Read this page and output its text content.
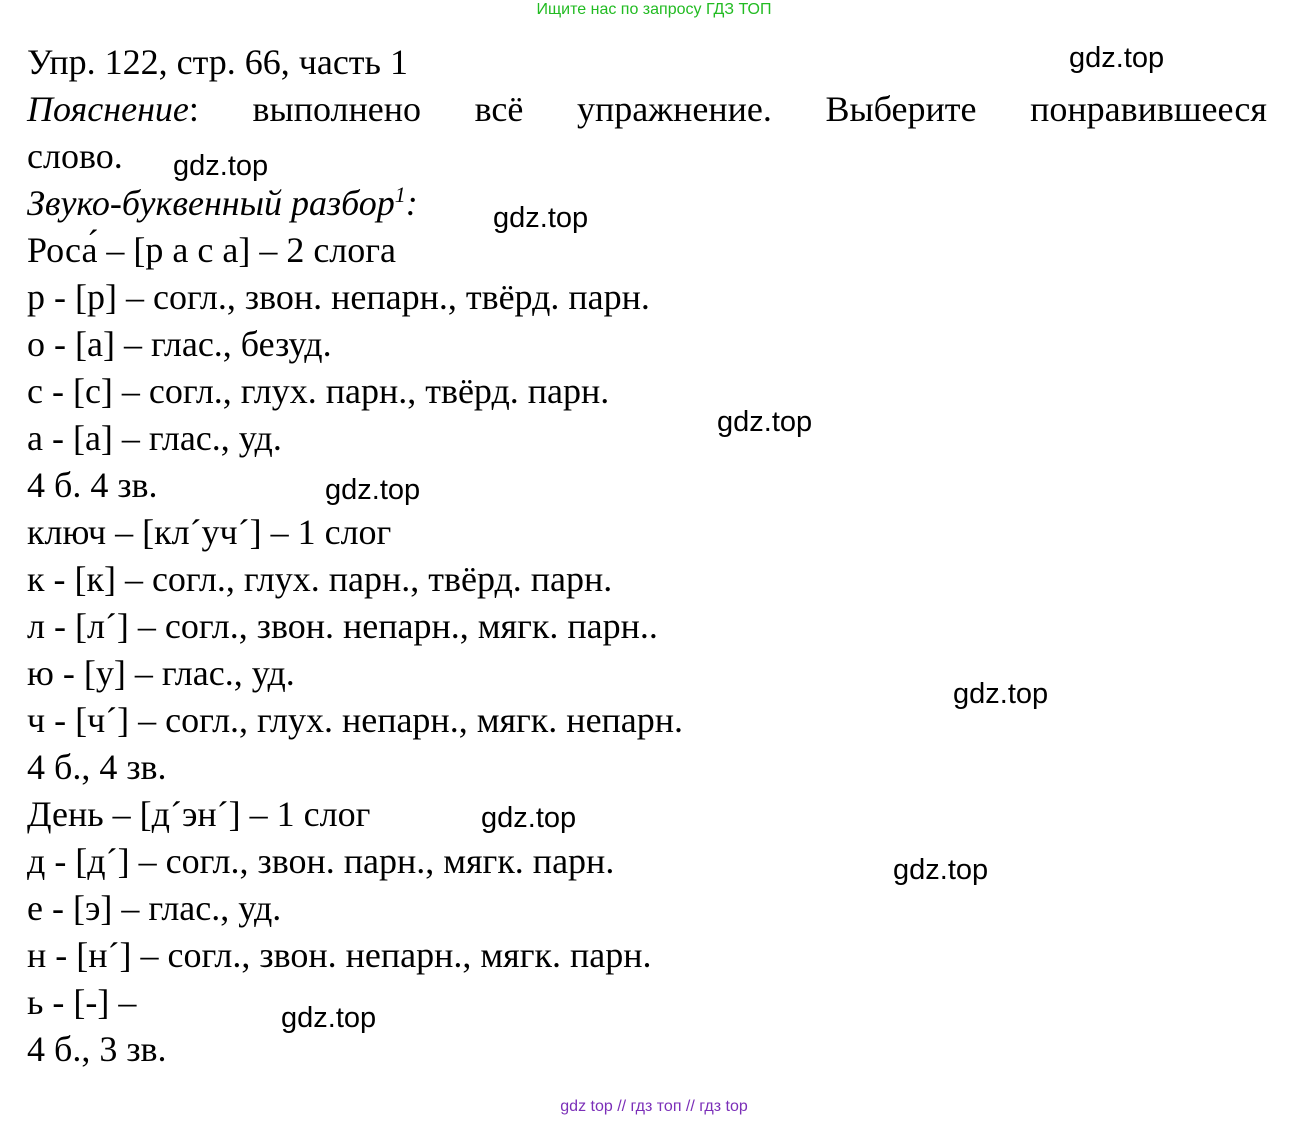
Ищите нас по запросу ГДЗ ТОП
Упр. 122, стр. 66, часть 1
Пояснение: выполнено всё упражнение. Выберите понравившееся
слово.
Звуко-буквенный разбор$^1$:
Роса́ – [р а с а] – 2 слога
р - [р] – согл., звон. непарн., твёрд. парн.
о - [а] – глас., безуд.
с - [с] – согл., глух. парн., твёрд. парн.
а - [а] – глас., уд.
4 б. 4 зв.
ключ – [кл´уч´] – 1 слог
к - [к] – согл., глух. парн., твёрд. парн.
л - [л´] – согл., звон. непарн., мягк. парн..
ю - [у] – глас., уд.
ч - [ч´] – согл., глух. непарн., мягк. непарн.
4 б., 4 зв.
День – [д´эн´] – 1 слог
д - [д´] – согл., звон. парн., мягк. парн.
е - [э] – глас., уд.
н - [н´] – согл., звон. непарн., мягк. парн.
ь - [-] –
4 б., 3 зв.
gdz.top
gdz.top
gdz.top
gdz.top
gdz.top
gdz.top
gdz.top
gdz.top
gdz.top
gdz top // гдз топ // гдз top
